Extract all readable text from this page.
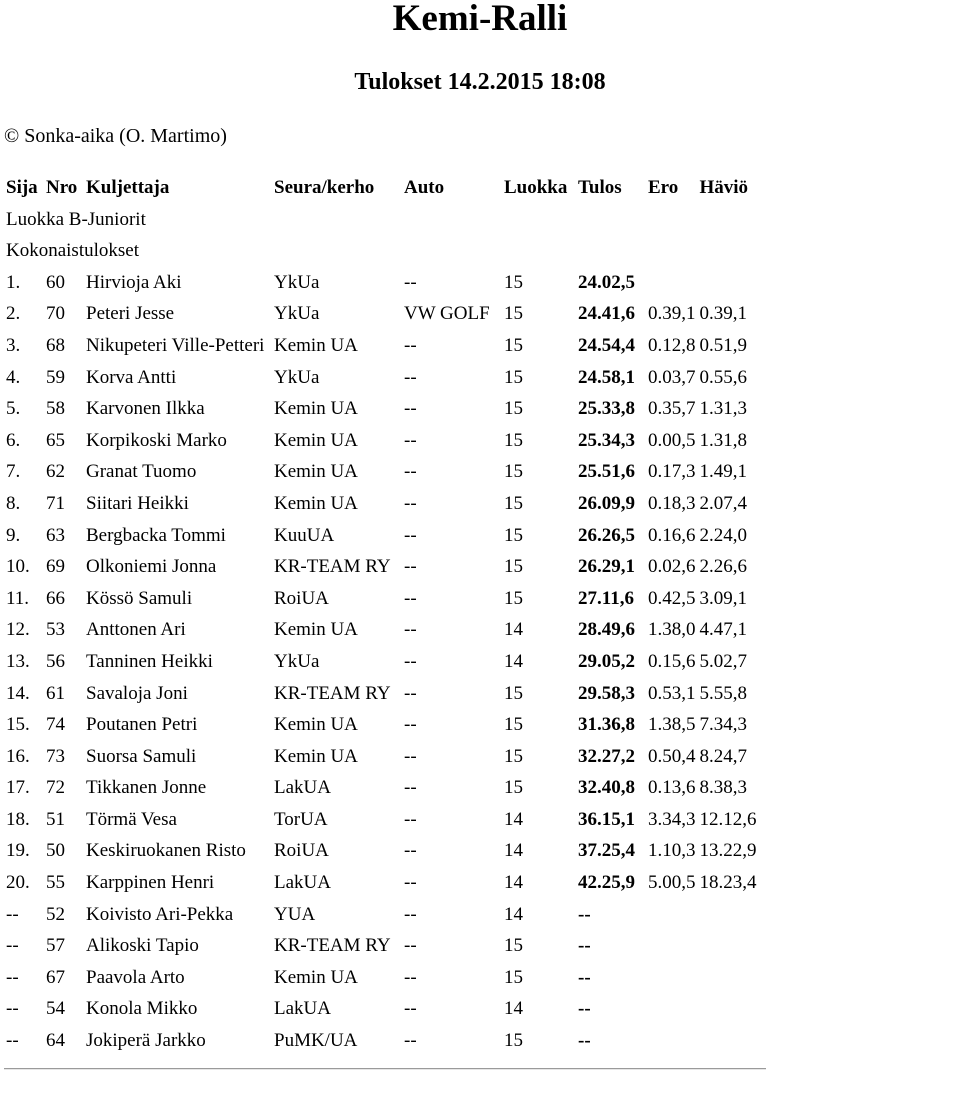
Kemi-Ralli
Tulokset 14.2.2015 18:08
© Sonka-aika (O. Martimo)
Sija	Nro	Kuljettaja	Seura/kerho	Auto	Luokka	Tulos	Ero	Häviö
Luokka B-Juniorit								
Kokonaistulokset								
1.	60	Hirvioja Aki	YkUa	--	15	24.02,5		
2.	70	Peteri Jesse	YkUa	VW GOLF	15	24.41,6	0.39,1	0.39,1
3.	68	Nikupeteri Ville-Petteri	Kemin UA	--	15	24.54,4	0.12,8	0.51,9
4.	59	Korva Antti	YkUa	--	15	24.58,1	0.03,7	0.55,6
5.	58	Karvonen Ilkka	Kemin UA	--	15	25.33,8	0.35,7	1.31,3
6.	65	Korpikoski Marko	Kemin UA	--	15	25.34,3	0.00,5	1.31,8
7.	62	Granat Tuomo	Kemin UA	--	15	25.51,6	0.17,3	1.49,1
8.	71	Siitari Heikki	Kemin UA	--	15	26.09,9	0.18,3	2.07,4
9.	63	Bergbacka Tommi	KuuUA	--	15	26.26,5	0.16,6	2.24,0
10.	69	Olkoniemi Jonna	KR-TEAM RY	--	15	26.29,1	0.02,6	2.26,6
11.	66	Kössö Samuli	RoiUA	--	15	27.11,6	0.42,5	3.09,1
12.	53	Anttonen Ari	Kemin UA	--	14	28.49,6	1.38,0	4.47,1
13.	56	Tanninen Heikki	YkUa	--	14	29.05,2	0.15,6	5.02,7
14.	61	Savaloja Joni	KR-TEAM RY	--	15	29.58,3	0.53,1	5.55,8
15.	74	Poutanen Petri	Kemin UA	--	15	31.36,8	1.38,5	7.34,3
16.	73	Suorsa Samuli	Kemin UA	--	15	32.27,2	0.50,4	8.24,7
17.	72	Tikkanen Jonne	LakUA	--	15	32.40,8	0.13,6	8.38,3
18.	51	Törmä Vesa	TorUA	--	14	36.15,1	3.34,3	12.12,6
19.	50	Keskiruokanen Risto	RoiUA	--	14	37.25,4	1.10,3	13.22,9
20.	55	Karppinen Henri	LakUA	--	14	42.25,9	5.00,5	18.23,4
--	52	Koivisto Ari-Pekka	YUA	--	14	--		
--	57	Alikoski Tapio	KR-TEAM RY	--	15	--		
--	67	Paavola Arto	Kemin UA	--	15	--		
--	54	Konola Mikko	LakUA	--	14	--		
--	64	Jokiperä Jarkko	PuMK/UA	--	15	--		
